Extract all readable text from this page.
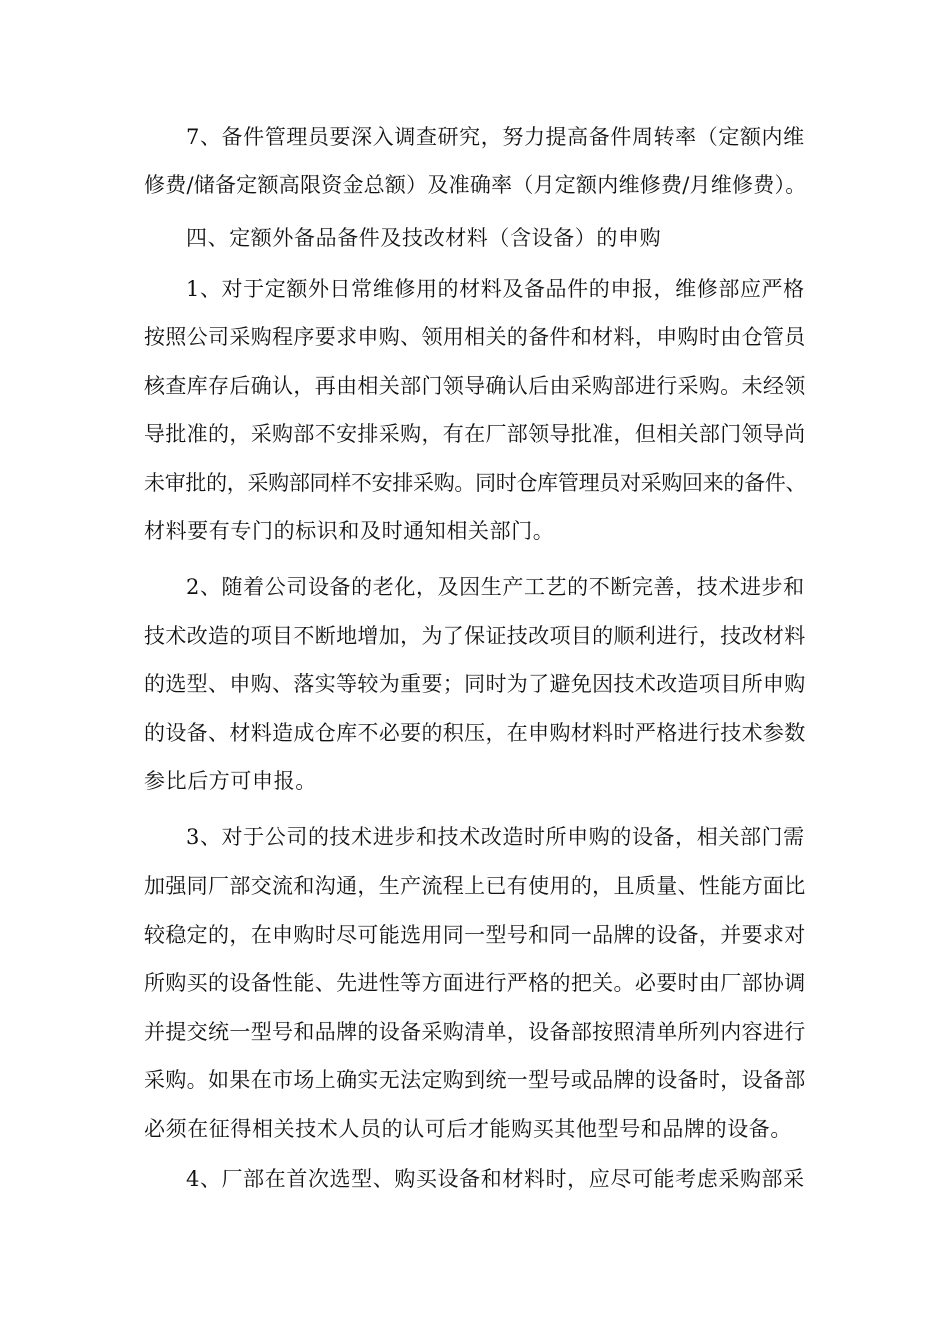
7、备件管理员要深入调查研究，努力提高备件周转率（定额内维
修费/储备定额高限资金总额）及准确率（月定额内维修费/月维修费）。
四、定额外备品备件及技改材料（含设备）的申购
1、对于定额外日常维修用的材料及备品件的申报，维修部应严格
按照公司采购程序要求申购、领用相关的备件和材料，申购时由仓管员
核查库存后确认，再由相关部门领导确认后由采购部进行采购。未经领
导批准的，采购部不安排采购，有在厂部领导批准，但相关部门领导尚
未审批的，采购部同样不安排采购。同时仓库管理员对采购回来的备件、
材料要有专门的标识和及时通知相关部门。
2、随着公司设备的老化，及因生产工艺的不断完善，技术进步和
技术改造的项目不断地增加，为了保证技改项目的顺利进行，技改材料
的选型、申购、落实等较为重要；同时为了避免因技术改造项目所申购
的设备、材料造成仓库不必要的积压，在申购材料时严格进行技术参数
参比后方可申报。
3、对于公司的技术进步和技术改造时所申购的设备，相关部门需
加强同厂部交流和沟通，生产流程上已有使用的，且质量、性能方面比
较稳定的，在申购时尽可能选用同一型号和同一品牌的设备，并要求对
所购买的设备性能、先进性等方面进行严格的把关。必要时由厂部协调
并提交统一型号和品牌的设备采购清单，设备部按照清单所列内容进行
采购。如果在市场上确实无法定购到统一型号或品牌的设备时，设备部
必须在征得相关技术人员的认可后才能购买其他型号和品牌的设备。
4、厂部在首次选型、购买设备和材料时，应尽可能考虑采购部采
